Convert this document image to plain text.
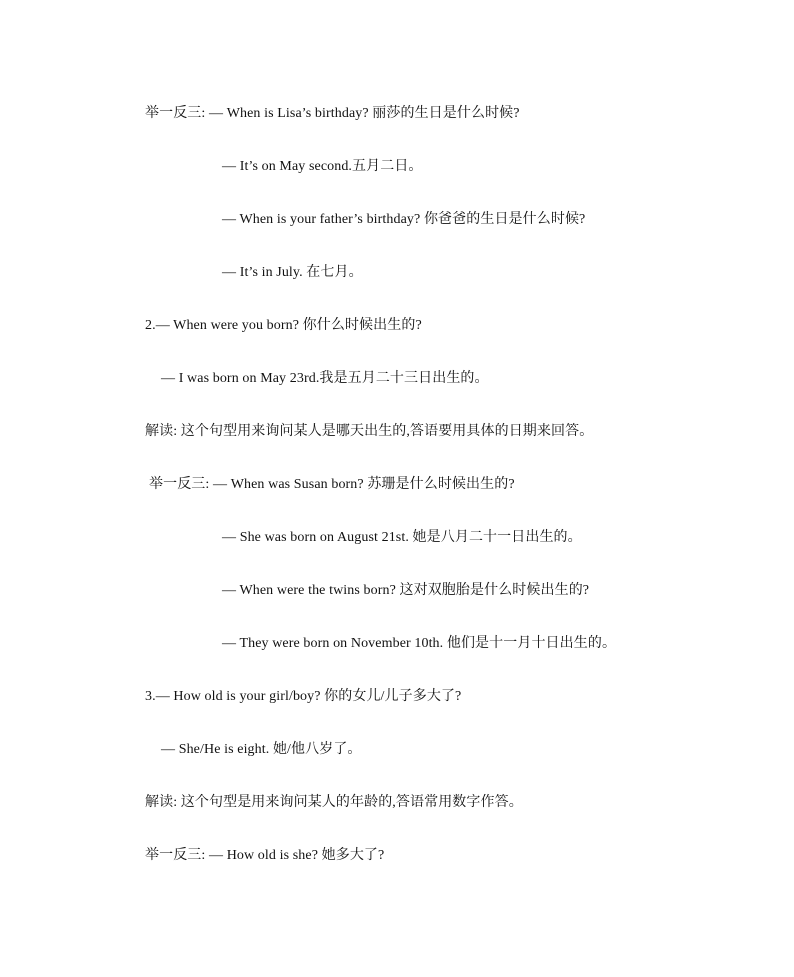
举一反三: — When is Lisa’s birthday? 丽莎的生日是什么时候?
— It’s on May second.五月二日。
— When is your father’s birthday? 你爸爸的生日是什么时候?
— It’s in July. 在七月。
2.— When were you born? 你什么时候出生的?
— I was born on May 23rd.我是五月二十三日出生的。
解读: 这个句型用来询问某人是哪天出生的,答语要用具体的日期来回答。
举一反三: — When was Susan born? 苏珊是什么时候出生的?
— She was born on August 21st. 她是八月二十一日出生的。
— When were the twins born? 这对双胞胎是什么时候出生的?
— They were born on November 10th. 他们是十一月十日出生的。
3.— How old is your girl/boy? 你的女儿/儿子多大了?
— She/He is eight. 她/他八岁了。
解读: 这个句型是用来询问某人的年龄的,答语常用数字作答。
举一反三: — How old is she? 她多大了?
